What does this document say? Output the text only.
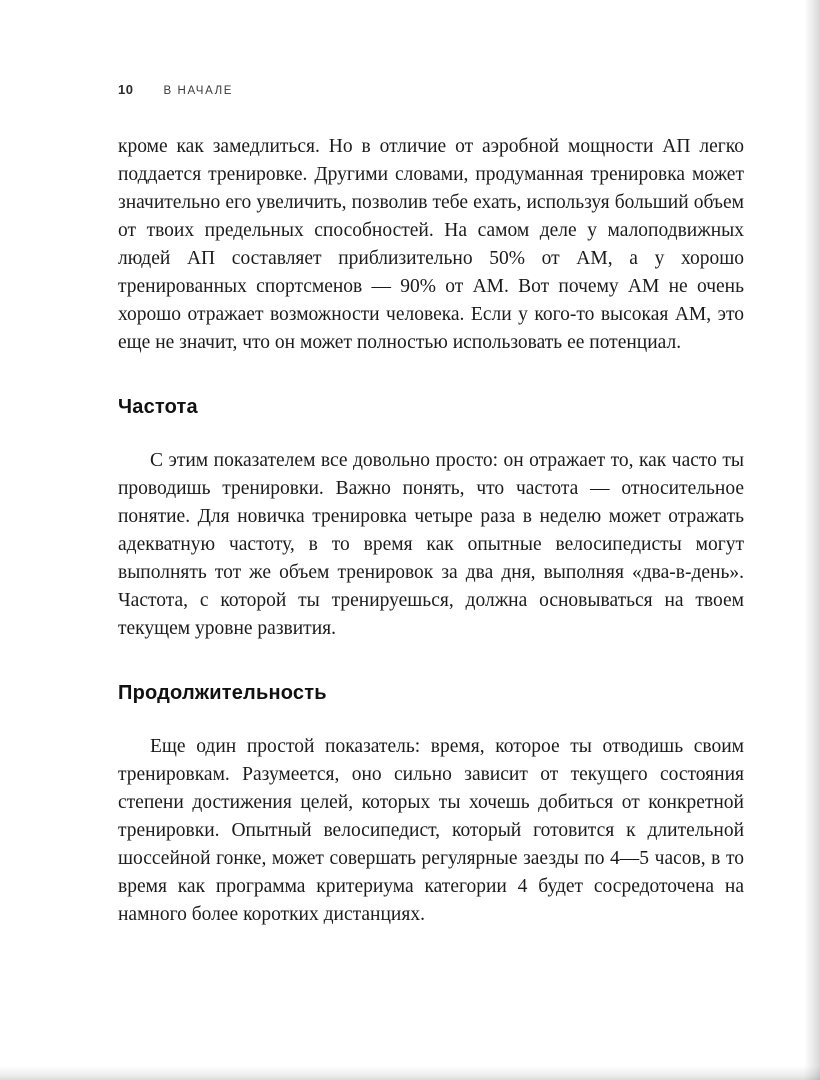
10	В НАЧАЛЕ

кроме как замедлиться. Но в отличие от аэробной мощности АП легко поддается тренировке. Другими словами, продуманная тренировка может значительно его увеличить, позволив тебе ехать, используя больший объем от твоих предельных способностей. На самом деле у малоподвижных людей АП составляет приблизительно 50% от АМ, а у хорошо тренированных спортсменов — 90% от АМ. Вот почему АМ не очень хорошо отражает возможности человека. Если у кого-то высокая АМ, это еще не значит, что он может полностью использовать ее потенциал.

Частота

С этим показателем все довольно просто: он отражает то, как часто ты проводишь тренировки. Важно понять, что частота — относительное понятие. Для новичка тренировка четыре раза в неделю может отражать адекватную частоту, в то время как опытные велосипедисты могут выполнять тот же объем тренировок за два дня, выполняя «два-в-день». Частота, с которой ты тренируешься, должна основываться на твоем текущем уровне развития.

Продолжительность

Еще один простой показатель: время, которое ты отводишь своим тренировкам. Разумеется, оно сильно зависит от текущего состояния степени достижения целей, которых ты хочешь добиться от конкретной тренировки. Опытный велосипедист, который готовится к длительной шоссейной гонке, может совершать регулярные заезды по 4—5 часов, в то время как программа критериума категории 4 будет сосредоточена на намного более коротких дистанциях.
